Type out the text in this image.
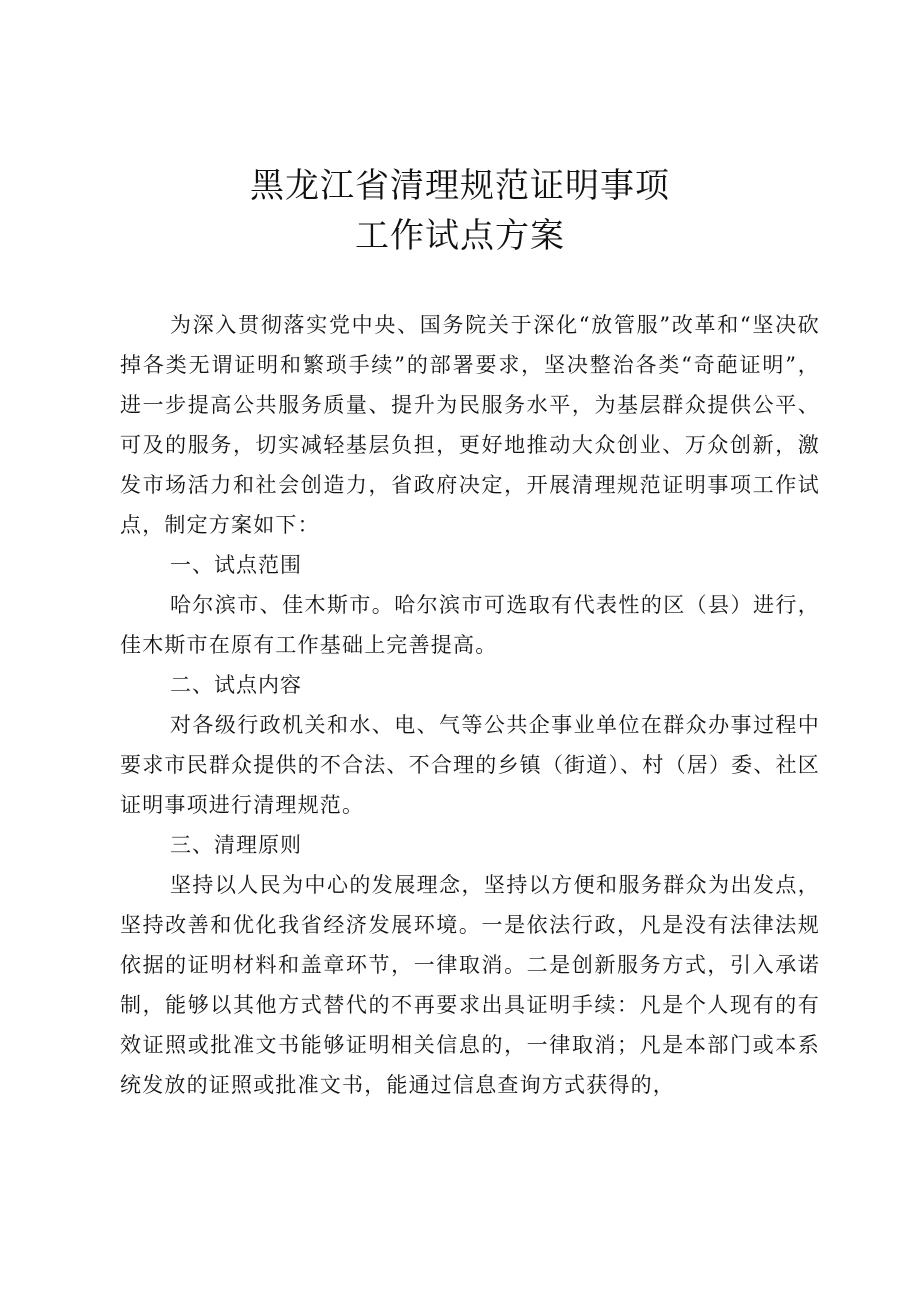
黑龙江省清理规范证明事项
工作试点方案

为深入贯彻落实党中央、国务院关于深化“放管服”改革和“坚决砍掉各类无谓证明和繁琐手续”的部署要求，坚决整治各类“奇葩证明”，进一步提高公共服务质量、提升为民服务水平，为基层群众提供公平、可及的服务，切实减轻基层负担，更好地推动大众创业、万众创新，激发市场活力和社会创造力，省政府决定，开展清理规范证明事项工作试点，制定方案如下：

一、试点范围

哈尔滨市、佳木斯市。哈尔滨市可选取有代表性的区（县）进行，佳木斯市在原有工作基础上完善提高。

二、试点内容

对各级行政机关和水、电、气等公共企事业单位在群众办事过程中要求市民群众提供的不合法、不合理的乡镇（街道）、村（居）委、社区证明事项进行清理规范。

三、清理原则

坚持以人民为中心的发展理念，坚持以方便和服务群众为出发点，坚持改善和优化我省经济发展环境。一是依法行政，凡是没有法律法规依据的证明材料和盖章环节，一律取消。二是创新服务方式，引入承诺制，能够以其他方式替代的不再要求出具证明手续：凡是个人现有的有效证照或批准文书能够证明相关信息的，一律取消；凡是本部门或本系统发放的证照或批准文书，能通过信息查询方式获得的，
